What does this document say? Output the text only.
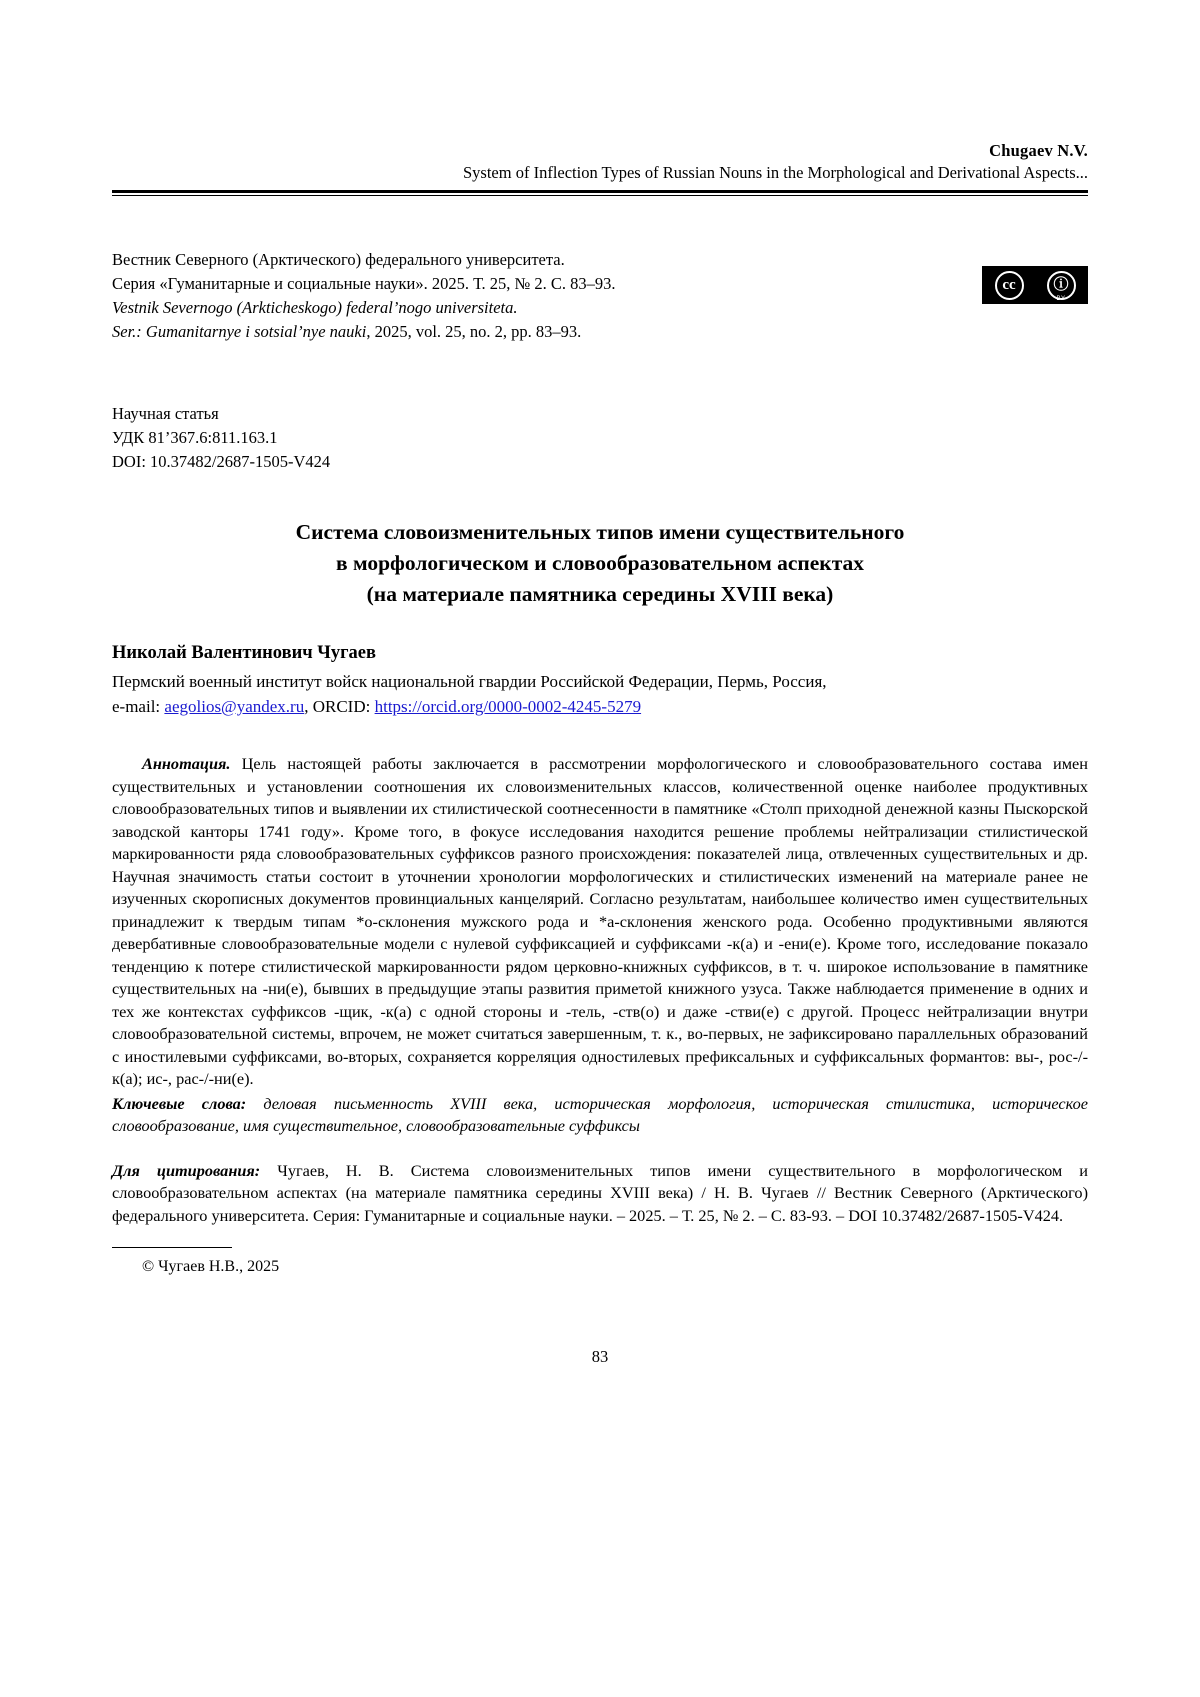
Chugaev N.V.
System of Inflection Types of Russian Nouns in the Morphological and Derivational Aspects...
Вестник Северного (Арктического) федерального университета.
Серия «Гуманитарные и социальные науки». 2025. Т. 25, № 2. С. 83–93.
Vestnik Severnogo (Arkticheskogo) federal’nogo universiteta.
Ser.: Gumanitarnye i sotsial’nye nauki, 2025, vol. 25, no. 2, pp. 83–93.
cc	ⓘ
BY
Научная статья
УДК 81’367.6:811.163.1
DOI: 10.37482/2687-1505-V424
Система словоизменительных типов имени существительного
в морфологическом и словообразовательном аспектах
(на материале памятника середины XVIII века)
Николай Валентинович Чугаев
Пермский военный институт войск национальной гвардии Российской Федерации, Пермь, Россия,
e-mail: aegolios@yandex.ru, ORCID: https://orcid.org/0000-0002-4245-5279
Аннотация. Цель настоящей работы заключается в рассмотрении морфологического и словообразовательного состава имен существительных и установлении соотношения их словоизменительных классов, количественной оценке наиболее продуктивных словообразовательных типов и выявлении их стилистической соотнесенности в памятнике «Столп приходной денежной казны Пыскорской заводской канторы 1741 году». Кроме того, в фокусе исследования находится решение проблемы нейтрализации стилистической маркированности ряда словообразовательных суффиксов разного происхождения: показателей лица, отвлеченных существительных и др. Научная значимость статьи состоит в уточнении хронологии морфологических и стилистических изменений на материале ранее не изученных скорописных документов провинциальных канцелярий. Согласно результатам, наибольшее количество имен существительных принадлежит к твердым типам *о-склонения мужского рода и *а-склонения женского рода. Особенно продуктивными являются девербативные словообразовательные модели с нулевой суффиксацией и суффиксами -к(а) и -ени(е). Кроме того, исследование показало тенденцию к потере стилистической маркированности рядом церковно-книжных суффиксов, в т. ч. широкое использование в памятнике существительных на -ни(е), бывших в предыдущие этапы развития приметой книжного узуса. Также наблюдается применение в одних и тех же контекстах суффиксов -щик, -к(а) с одной стороны и -тель, -ств(о) и даже -стви(е) с другой. Процесс нейтрализации внутри словообразовательной системы, впрочем, не может считаться завершенным, т. к., во-первых, не зафиксировано параллельных образований с иностилевыми суффиксами, во-вторых, сохраняется корреляция одностилевых префиксальных и суффиксальных формантов: вы-, рос-/-к(а); ис-, рас-/-ни(е).
Ключевые слова: деловая письменность XVIII века, историческая морфология, историческая стилистика, историческое словообразование, имя существительное, словообразовательные суффиксы
Для цитирования: Чугаев, Н. В. Система словоизменительных типов имени существительного в морфологическом и словообразовательном аспектах (на материале памятника середины XVIII века) / Н. В. Чугаев // Вестник Северного (Арктического) федерального университета. Серия: Гуманитарные и социальные науки. – 2025. – Т. 25, № 2. – С. 83-93. – DOI 10.37482/2687-1505-V424.
© Чугаев Н.В., 2025
83
